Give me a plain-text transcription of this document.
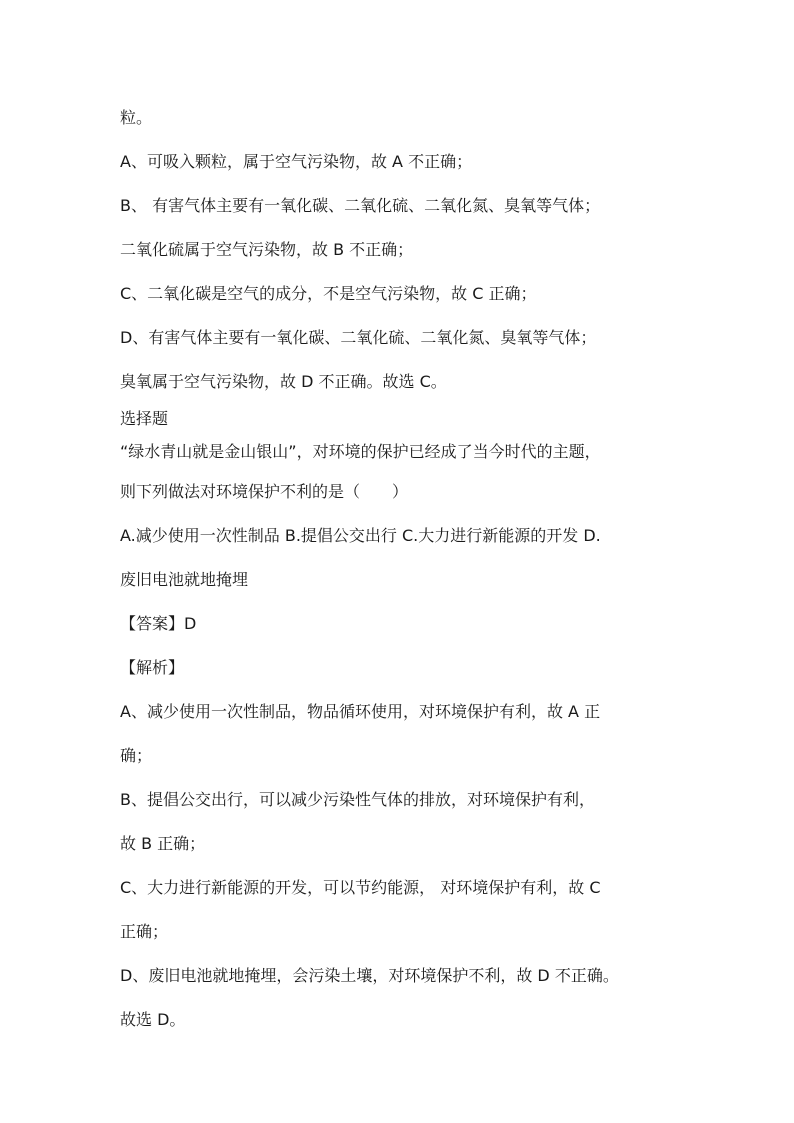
粒。
A、可吸入颗粒，属于空气污染物，故 A 不正确；
B、 有害气体主要有一氧化碳、二氧化硫、二氧化氮、臭氧等气体；
二氧化硫属于空气污染物，故 B 不正确；
C、二氧化碳是空气的成分，不是空气污染物，故 C 正确；
D、有害气体主要有一氧化碳、二氧化硫、二氧化氮、臭氧等气体；
臭氧属于空气污染物，故 D 不正确。故选 C。
选择题
“绿水青山就是金山银山”，对环境的保护已经成了当今时代的主题，
则下列做法对环境保护不利的是（　　）
A.减少使用一次性制品 B.提倡公交出行 C.大力进行新能源的开发 D.
废旧电池就地掩埋
【答案】D
【解析】
A、减少使用一次性制品，物品循环使用，对环境保护有利，故 A 正
确；
B、提倡公交出行，可以减少污染性气体的排放，对环境保护有利，
故 B 正确；
C、大力进行新能源的开发，可以节约能源， 对环境保护有利，故 C
正确；
D、废旧电池就地掩埋，会污染土壤，对环境保护不利，故 D 不正确。
故选 D。
